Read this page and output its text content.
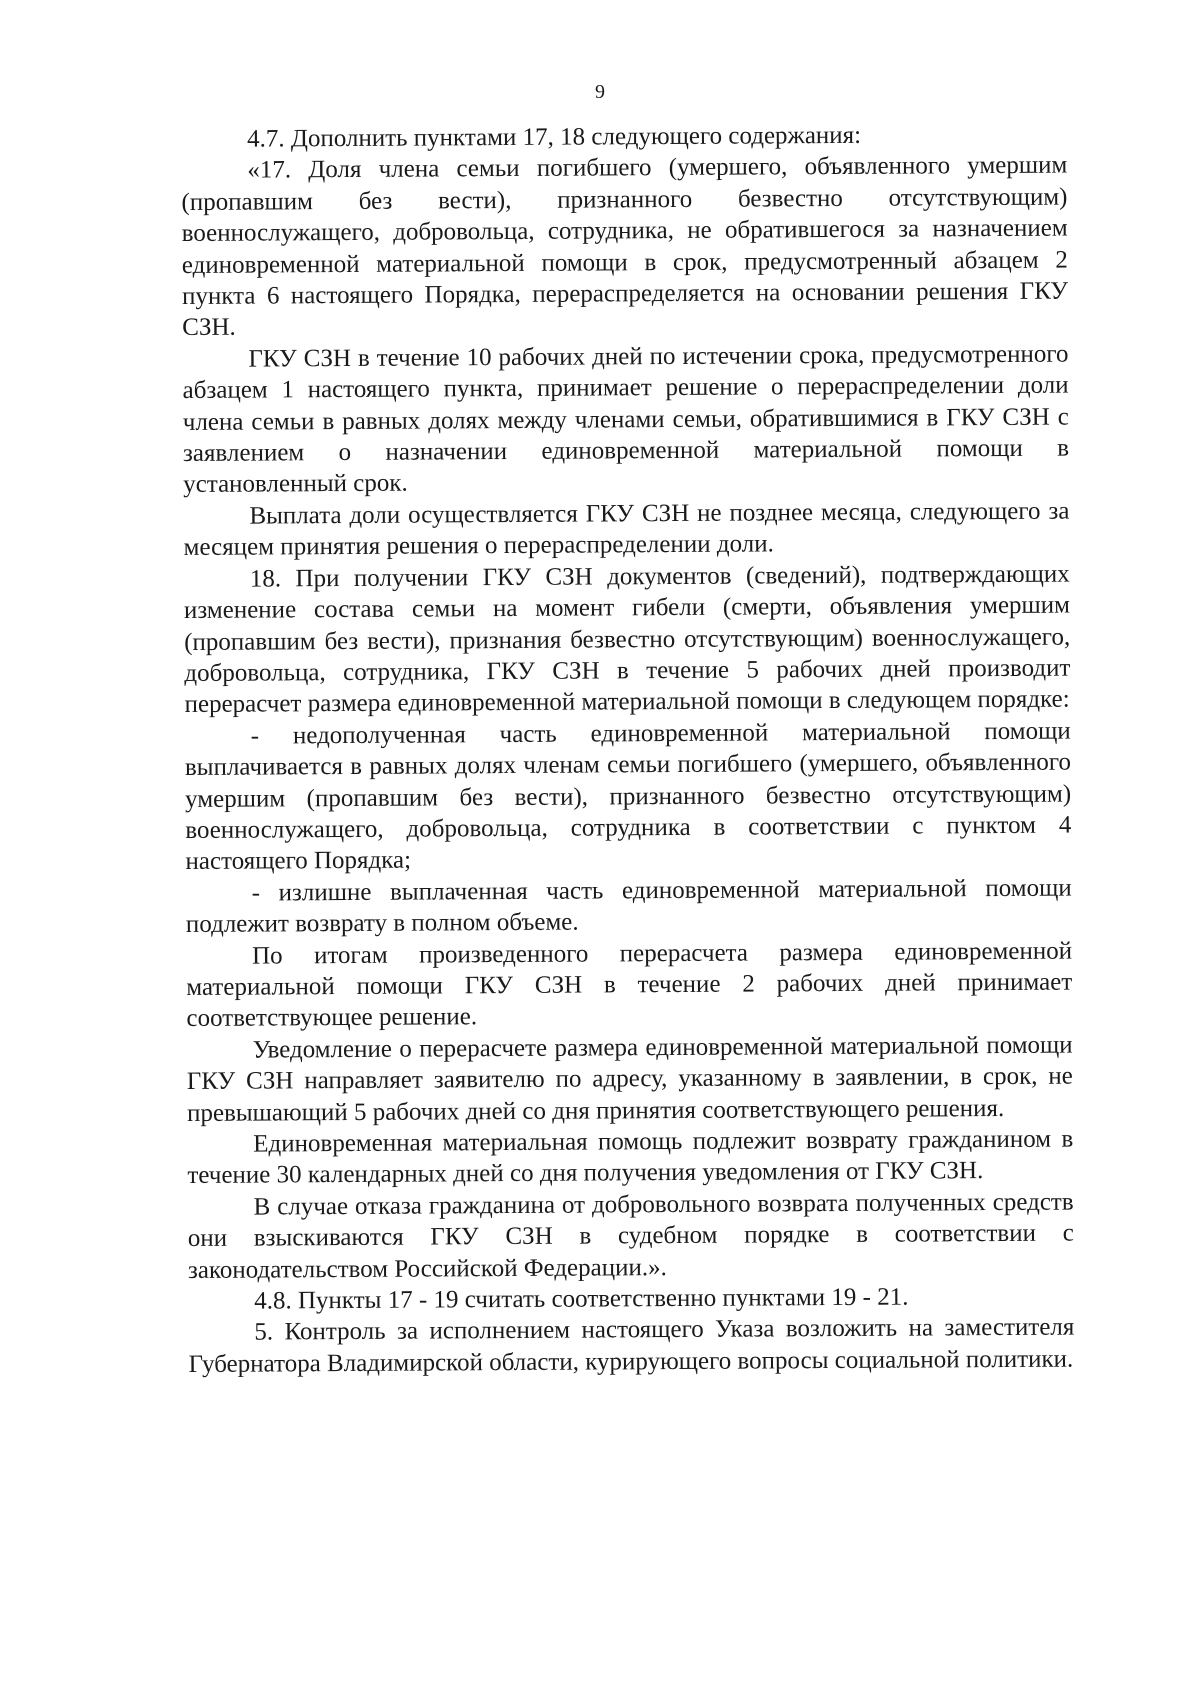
9

4.7. Дополнить пунктами 17, 18 следующего содержания:

«17. Доля члена семьи погибшего (умершего, объявленного умершим (пропавшим без вести), признанного безвестно отсутствующим) военнослужащего, добровольца, сотрудника, не обратившегося за назначением единовременной материальной помощи в срок, предусмотренный абзацем 2 пункта 6 настоящего Порядка, перераспределяется на основании решения ГКУ СЗН.

ГКУ СЗН в течение 10 рабочих дней по истечении срока, предусмотренного абзацем 1 настоящего пункта, принимает решение о перераспределении доли члена семьи в равных долях между членами семьи, обратившимися в ГКУ СЗН с заявлением о назначении единовременной материальной помощи в установленный срок.

Выплата доли осуществляется ГКУ СЗН не позднее месяца, следующего за месяцем принятия решения о перераспределении доли.

18. При получении ГКУ СЗН документов (сведений), подтверждающих изменение состава семьи на момент гибели (смерти, объявления умершим (пропавшим без вести), признания безвестно отсутствующим) военнослужащего, добровольца, сотрудника, ГКУ СЗН в течение 5 рабочих дней производит перерасчет размера единовременной материальной помощи в следующем порядке:

- недополученная часть единовременной материальной помощи выплачивается в равных долях членам семьи погибшего (умершего, объявленного умершим (пропавшим без вести), признанного безвестно отсутствующим) военнослужащего, добровольца, сотрудника в соответствии с пунктом 4 настоящего Порядка;

- излишне выплаченная часть единовременной материальной помощи подлежит возврату в полном объеме.

По итогам произведенного перерасчета размера единовременной материальной помощи ГКУ СЗН в течение 2 рабочих дней принимает соответствующее решение.

Уведомление о перерасчете размера единовременной материальной помощи ГКУ СЗН направляет заявителю по адресу, указанному в заявлении, в срок, не превышающий 5 рабочих дней со дня принятия соответствующего решения.

Единовременная материальная помощь подлежит возврату гражданином в течение 30 календарных дней со дня получения уведомления от ГКУ СЗН.

В случае отказа гражданина от добровольного возврата полученных средств они взыскиваются ГКУ СЗН в судебном порядке в соответствии с законодательством Российской Федерации.».

4.8. Пункты 17 - 19 считать соответственно пунктами 19 - 21.

5. Контроль за исполнением настоящего Указа возложить на заместителя Губернатора Владимирской области, курирующего вопросы социальной политики.
